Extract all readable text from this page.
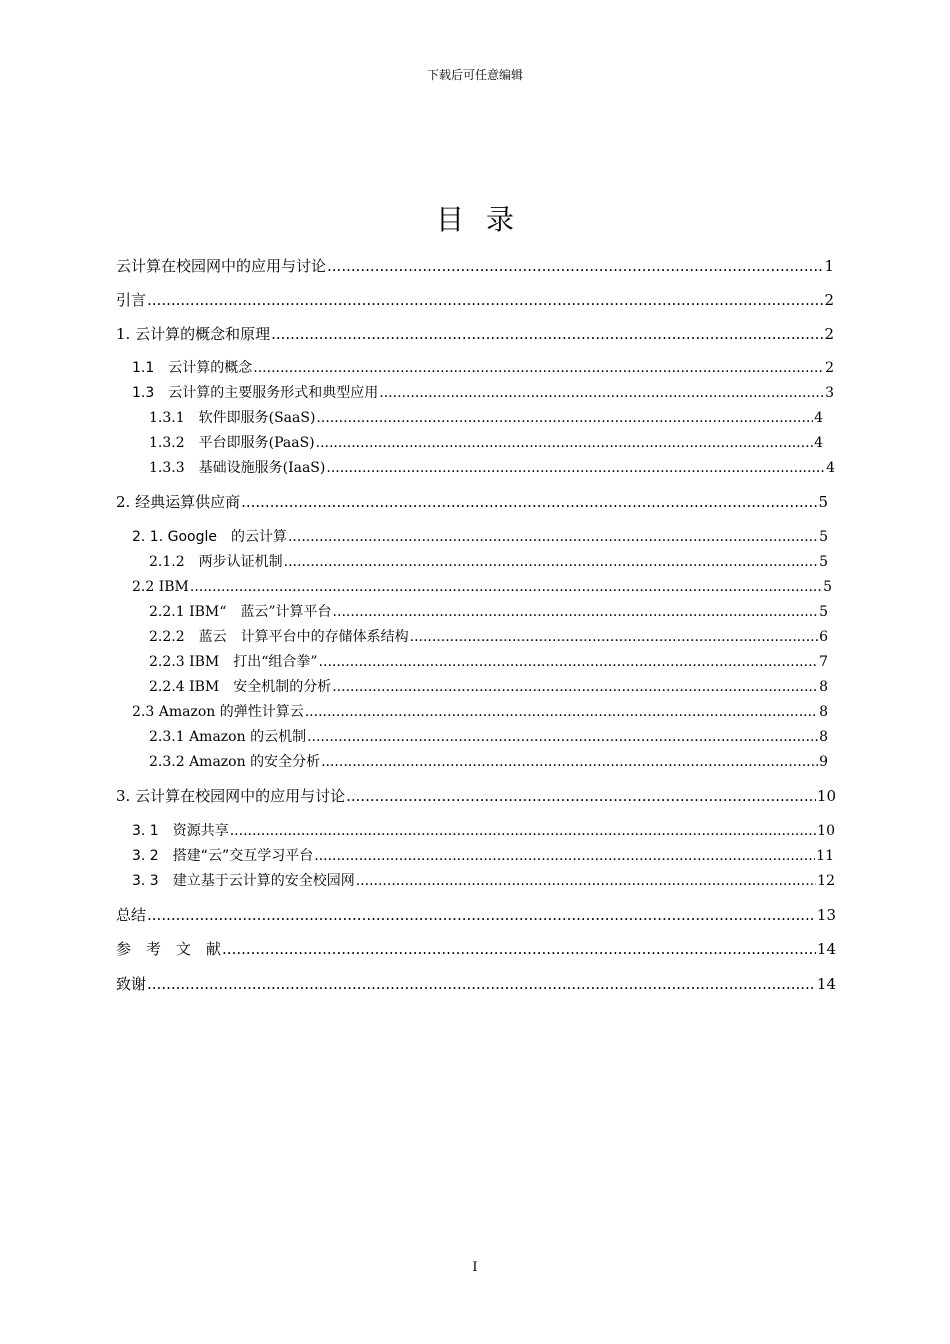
下载后可任意编辑
目录
云计算在校园网中的应用与讨论 .....	1
引言 .....	2
1. 云计算的概念和原理 .....	2
1.1　云计算的概念 .....	2
1.3　云计算的主要服务形式和典型应用 .....	3
1.3.1　软件即服务(SaaS) .....	4
1.3.2　平台即服务(PaaS) .....	4
1.3.3　基础设施服务(IaaS) .....	4
2. 经典运算供应商 .....	5
2. 1. Google　的云计算 .....	5
2.1.2　两步认证机制 .....	5
2.2 IBM .....	5
2.2.1 IBM“　蓝云”计算平台 .....	5
2.2.2　蓝云　计算平台中的存储体系结构 .....	6
2.2.3 IBM　打出“组合拳” .....	7
2.2.4 IBM　安全机制的分析 .....	8
2.3 Amazon 的弹性计算云 .....	8
2.3.1 Amazon 的云机制 .....	8
2.3.2 Amazon 的安全分析 .....	9
3. 云计算在校园网中的应用与讨论 .....	10
3. 1　资源共享 .....	10
3. 2　搭建“云”交互学习平台 .....	11
3. 3　建立基于云计算的安全校园网 .....	12
总结 .....	13
参　考　文　献 .....	14
致谢 .....	14
I
